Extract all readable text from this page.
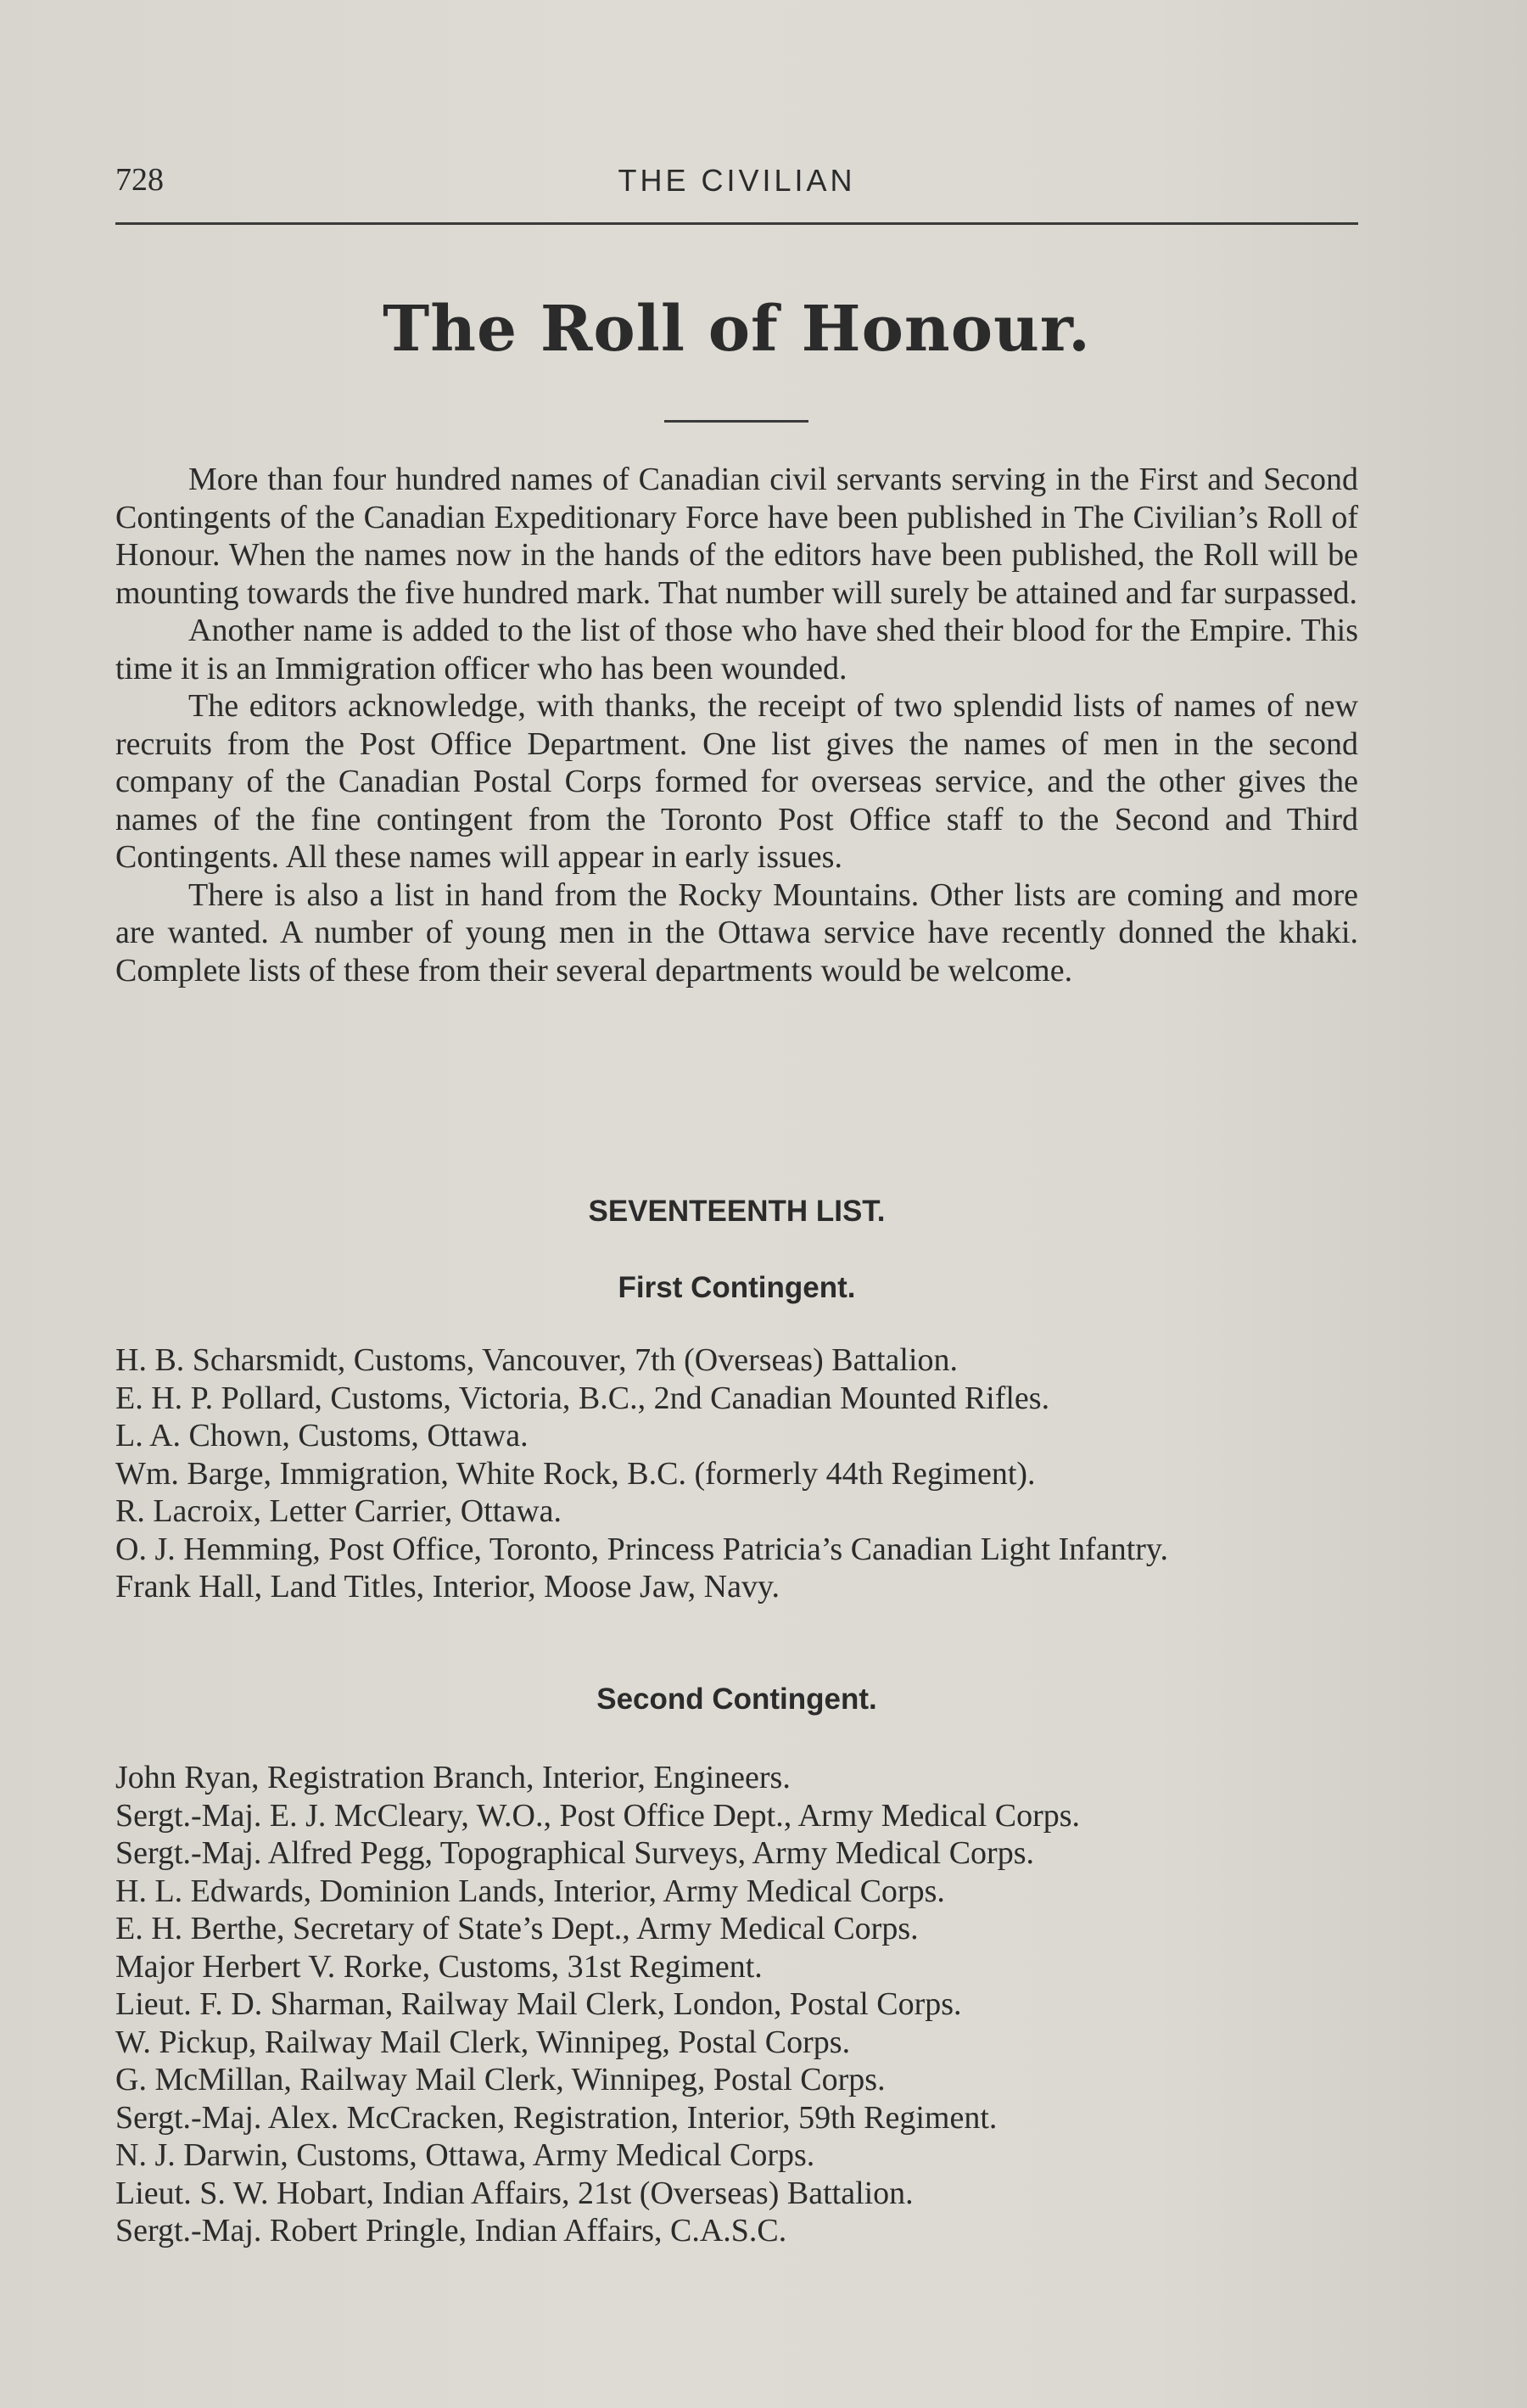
728	THE CIVILIAN
The Roll of Honour.

More than four hundred names of Canadian civil servants serving in the First and Second Contingents of the Canadian Expeditionary Force have been published in The Civilian’s Roll of Honour. When the names now in the hands of the editors have been published, the Roll will be mounting towards the five hundred mark. That number will surely be attained and far surpassed.

Another name is added to the list of those who have shed their blood for the Empire. This time it is an Immigration officer who has been wounded.

The editors acknowledge, with thanks, the receipt of two splendid lists of names of new recruits from the Post Office Department. One list gives the names of men in the second company of the Canadian Postal Corps formed for overseas service, and the other gives the names of the fine contingent from the Toronto Post Office staff to the Second and Third Contingents. All these names will appear in early issues.

There is also a list in hand from the Rocky Mountains. Other lists are coming and more are wanted. A number of young men in the Ottawa service have recently donned the khaki. Complete lists of these from their several departments would be welcome.

SEVENTEENTH LIST.
First Contingent.
H. B. Scharsmidt, Customs, Vancouver, 7th (Overseas) Battalion.
E. H. P. Pollard, Customs, Victoria, B.C., 2nd Canadian Mounted Rifles.
L. A. Chown, Customs, Ottawa.
Wm. Barge, Immigration, White Rock, B.C. (formerly 44th Regiment).
R. Lacroix, Letter Carrier, Ottawa.
O. J. Hemming, Post Office, Toronto, Princess Patricia’s Canadian Light Infantry.
Frank Hall, Land Titles, Interior, Moose Jaw, Navy.
Second Contingent.
John Ryan, Registration Branch, Interior, Engineers.
Sergt.-Maj. E. J. McCleary, W.O., Post Office Dept., Army Medical Corps.
Sergt.-Maj. Alfred Pegg, Topographical Surveys, Army Medical Corps.
H. L. Edwards, Dominion Lands, Interior, Army Medical Corps.
E. H. Berthe, Secretary of State’s Dept., Army Medical Corps.
Major Herbert V. Rorke, Customs, 31st Regiment.
Lieut. F. D. Sharman, Railway Mail Clerk, London, Postal Corps.
W. Pickup, Railway Mail Clerk, Winnipeg, Postal Corps.
G. McMillan, Railway Mail Clerk, Winnipeg, Postal Corps.
Sergt.-Maj. Alex. McCracken, Registration, Interior, 59th Regiment.
N. J. Darwin, Customs, Ottawa, Army Medical Corps.
Lieut. S. W. Hobart, Indian Affairs, 21st (Overseas) Battalion.
Sergt.-Maj. Robert Pringle, Indian Affairs, C.A.S.C.
